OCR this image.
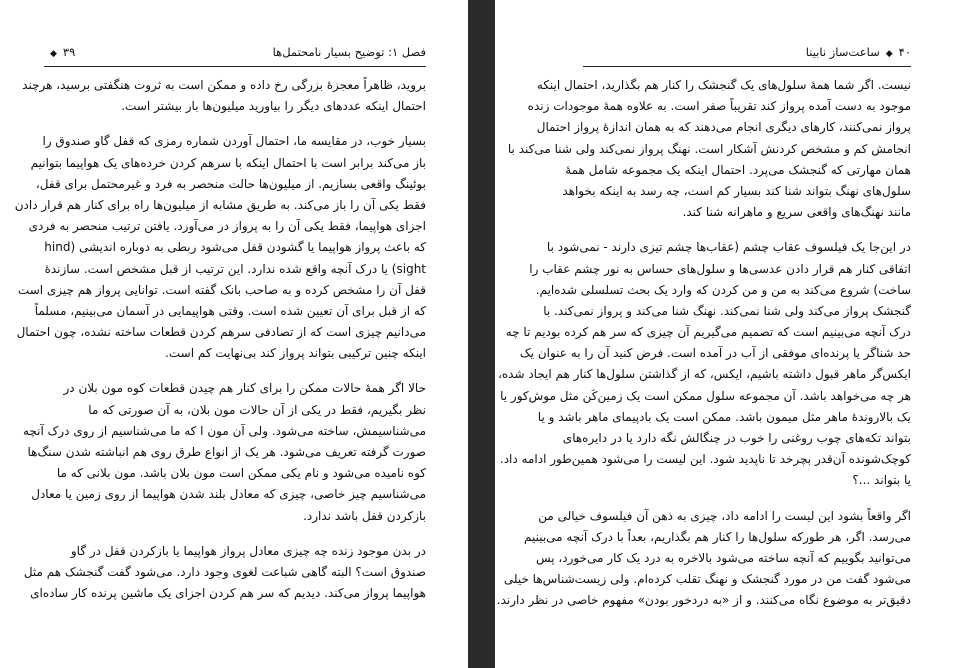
فصل ۱: توضیح بسیار نامحتمل‌ها
۳۹◆
بروید، ظاهراً معجزهٔ بزرگی رخ داده و ممکن است به ثروت هنگفتی برسید، هرچند
احتمال اینکه عددهای دیگر را بیاورید میلیون‌ها بار بیشتر است.
بسیار خوب، در مقایسه ما، احتمال آوردن شماره رمزی که قفل گاو صندوق را
باز می‌کند برابر است با احتمال اینکه با سرهم کردن خرده‌های یک هواپیما بتوانیم
بوئینگ واقعی بسازیم. از میلیون‌ها حالت منحصر به فرد و غیرمحتمل برای قفل،
فقط یکی آن را باز می‌کند. به طریق مشابه از میلیون‌ها راه برای کنار هم قرار دادن
اجزای هواپیما، فقط یکی آن را به پرواز در می‌آورد. یافتن ترتیب منحصر به فردی
که باعث پرواز هواپیما یا گشودن قفل می‌شود ربطی به دوباره اندیشی (hind
sight) یا درک آنچه واقع شده ندارد. این ترتیب از قبل مشخص است. سازندهٔ
قفل آن را مشخص کرده و به صاحب بانک گفته است. توانایی پرواز هم چیزی است
که از قبل برای آن تعیین شده است. وقتی هواپیمایی در آسمان می‌بینیم، مسلماً
می‌دانیم چیزی است که از تصادفی سرهم کردن قطعات ساخته نشده، چون احتمال
اینکه چنین ترکیبی بتواند پرواز کند بی‌نهایت کم است.
حالا اگر همهٔ حالات ممکن را برای کنار هم چیدن قطعات کوه مون بلان در
نظر بگیریم، فقط در یکی از آن حالات مون بلان، به آن صورتی که ما
می‌شناسیمش، ساخته می‌شود. ولی آن مون ا که ما می‌شناسیم از روی درک آنچه
صورت گرفته تعریف می‌شود. هر یک از انواع طرق روی هم انباشته شدن سنگ‌ها
کوه نامیده می‌شود و نام یکی ممکن است مون بلان باشد. مون بلانی که ما
می‌شناسیم چیز خاصی، چیزی که معادل بلند شدن هواپیما از روی زمین یا معادل
بازکردن قفل باشد ندارد.
در بدن موجود زنده چه چیزی معادل پرواز هواپیما یا بازکردن قفل در گاو
صندوق است؟ البته گاهی شباعت لغوی وجود دارد. می‌شود گفت گنجشک هم مثل
هواپیما پرواز می‌کند. دیدیم که سر هم کردن اجزای یک ماشین پرنده کار ساده‌ای
۴۰◆ساعت‌ساز نابینا
نیست. اگر شما همهٔ سلول‌های یک گنجشک را کنار هم بگذارید، احتمال اینکه
موجود به دست آمده پرواز کند تقریباً صفر است. به علاوه همهٔ موجودات زنده
پرواز نمی‌کنند، کارهای دیگری انجام می‌دهند که به همان اندازهٔ پرواز احتمال
انجامش کم و مشخص کردنش آشکار است. نهنگ پرواز نمی‌کند ولی شنا می‌کند با
همان مهارتی که گنجشک می‌پرد. احتمال اینکه یک مجموعه شامل همهٔ
سلول‌های نهنگ بتواند شنا کند بسیار کم است، چه رسد به اینکه بخواهد
مانند نهنگ‌های واقعی سریع و ماهرانه شنا کند.
در این‌جا یک فیلسوف عقاب چشم (عقاب‌ها چشم تیزی دارند - نمی‌شود با
اتفاقی کنار هم قرار دادن عدسی‌ها و سلول‌های حساس به نور چشم عقاب را
ساخت) شروع می‌کند به من و من کردن که وارد یک بحث تسلسلی شده‌ایم.
گنجشک پرواز می‌کند ولی شنا نمی‌کند. نهنگ شنا می‌کند و پرواز نمی‌کند. با
درک آنچه می‌بینیم است که تصمیم می‌گیریم آن چیزی که سر هم کرده بودیم تا چه
حد شناگر یا پرنده‌ای موفقی از آب در آمده است. فرض کنید آن را به عنوان یک
ایکس‌گر ماهر قبول داشته باشیم، ایکس، که از گذاشتن سلول‌ها کنار هم ایجاد شده،
هر چه می‌خواهد باشد. آن مجموعه سلول ممکن است یک زمین‌کَن مثل موش‌کور یا
یک بالاروندهٔ ماهر مثل میمون باشد. ممکن است یک بادپیمای ماهر باشد و یا
بتواند تکه‌های چوب روغنی را خوب در چنگالش نگه دارد یا در دایره‌های
کوچک‌شونده آن‌قدر بچرخد تا ناپدید شود. این لیست را می‌شود همین‌طور ادامه داد.
یا بتواند ...؟
اگر واقعاً بشود این لیست را ادامه داد، چیزی به ذهن آن فیلسوف خیالی من
می‌رسد. اگر، هر طورکه سلول‌ها را کنار هم بگذاریم، بعداً با درک آنچه می‌بینیم
می‌توانید بگوییم که آنچه ساخته می‌شود بالاخره به درد یک کار می‌خورد، پس
می‌شود گفت من در مورد گنجشک و نهنگ تقلب کرده‌ام. ولی زیست‌شناس‌ها خیلی
دقیق‌تر به موضوع نگاه می‌کنند. و از «به دردخور بودن» مفهوم خاصی در نظر دارند.
